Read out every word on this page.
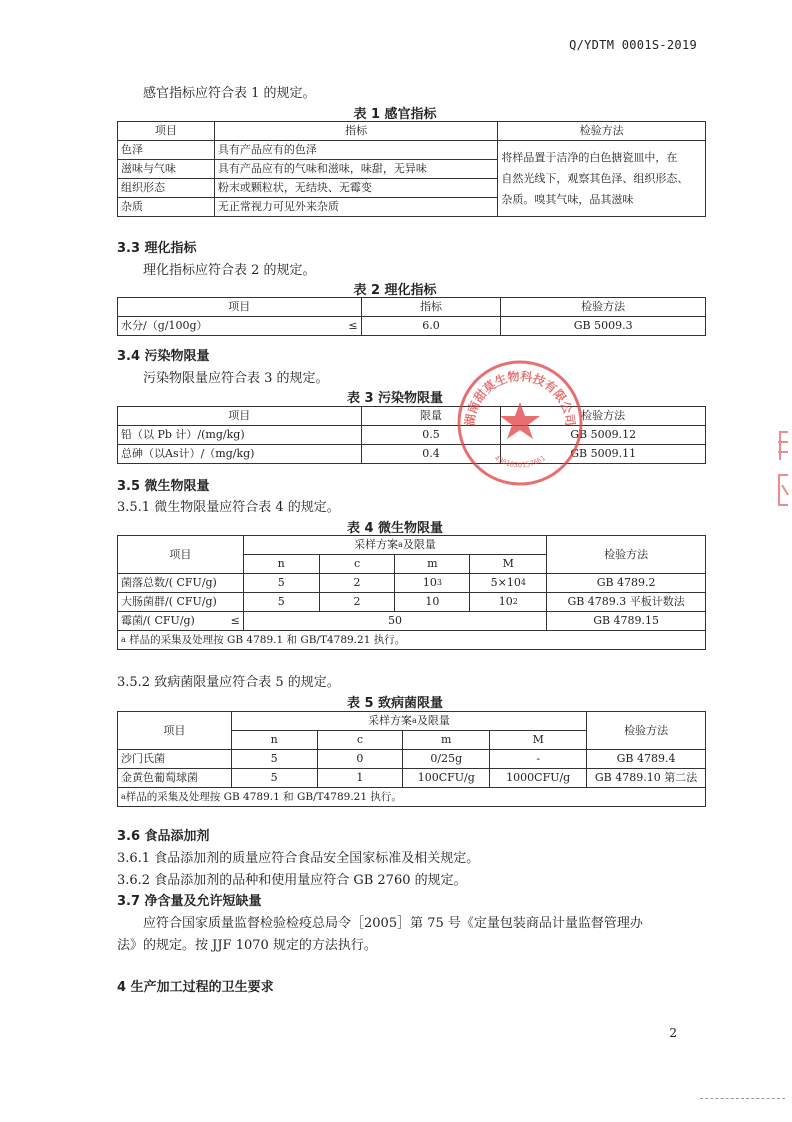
Q/YDTM 0001S-2019
感官指标应符合表 1 的规定。
表 1 感官指标
项目	指标	检验方法
色泽	具有产品应有的色泽	将样品置于洁净的白色搪瓷皿中，在
自然光线下，观察其色泽、组织形态、
杂质。嗅其气味，品其滋味

滋味与气味	具有产品应有的气味和滋味，味甜，无异味	
组织形态	粉末或颗粒状，无结块、无霉变	
杂质	无正常视力可见外来杂质	
3.3 理化指标
理化指标应符合表 2 的规定。
表 2 理化指标
项目	指标	检验方法
水分/（g/100g） ≤	6.0	GB 5009.3
3.4 污染物限量
污染物限量应符合表 3 的规定。
表 3 污染物限量
项目	限量	检验方法
铅（以 Pb 计）/(mg/kg)	0.5	GB 5009.12
总砷（以As计）/（mg/kg)	0.4	GB 5009.11
3.5 微生物限量
3.5.1 微生物限量应符合表 4 的规定。
表 4 微生物限量
项目	采样方案$^a$及限量				检验方法
	n	c	m	M	
菌落总数/( CFU/g)	5	2	$10^3$	$5\times 10^4$	GB 4789.2
大肠菌群/( CFU/g)	5	2	10	$10^2$	GB 4789.3 平板计数法
霉菌/( CFU/g) ≤	50				GB 4789.15
$^a$ 样品的采集及处理按 GB 4789.1 和 GB/T4789.21 执行。					
3.5.2 致病菌限量应符合表 5 的规定。
表 5 致病菌限量
项目	采样方案$^a$及限量				检验方法
	n	c	m	M	
沙门氏菌	5	0	0/25g	-	GB 4789.4
金黄色葡萄球菌	5	1	100CFU/g	1000CFU/g	GB 4789.10 第二法
$^a$样品的采集及处理按 GB 4789.1 和 GB/T4789.21 执行。					
3.6 食品添加剂
3.6.1 食品添加剂的质量应符合食品安全国家标准及相关规定。
3.6.2 食品添加剂的品种和使用量应符合 GB 2760 的规定。
3.7 净含量及允许短缺量
应符合国家质量监督检验检疫总局令［2005］第 75 号《定量包装商品计量监督管理办
法》的规定。按 JJF 1070 规定的方法执行。
4 生产加工过程的卫生要求
2
湖南甜莫生物科技有限公司
4301030157661
